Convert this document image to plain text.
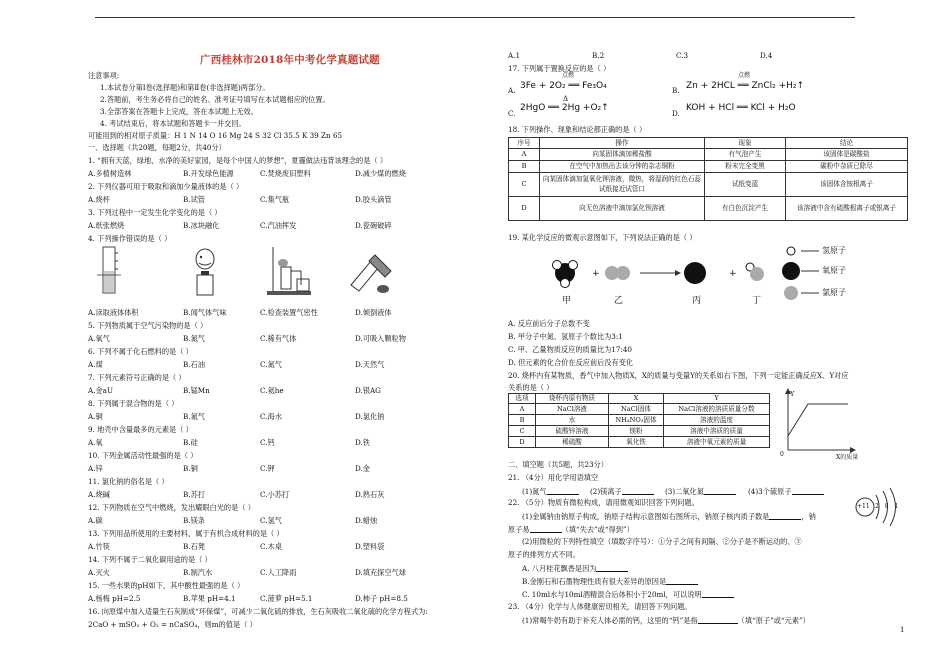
广西桂林市2018年中考化学真题试题
注意事项:
1.本试卷分第Ⅰ卷(选择题)和第Ⅱ卷(非选择题)两部分。
2.答题前，考生务必将自己的姓名、准考证号填写在本试题相应的位置。
3.全部答案在答题卡上完成，答在本试题上无效。
4. 考试结束后，将本试题和答题卡一并交回。
可能用到的相对原子质量：H 1 N 14 O 16 Mg 24 S 32 Cl 35.5 K 39 Zn 65
一、选择题（共20题，每题2分，共40分）
1. “拥有天蓝，绿地，水净的美好家园，是每个中国人的梦想”，夏霾做法违背该理念的是（ ）
A.多植树造林	B.开发绿色能源	C.焚烧废旧塑料	D.减少煤的燃烧
2. 下列仪器可用于吸取和滴加少量液体的是（ ）
A.烧杯	B.试管	C.集气瓶	D.胶头滴管
3. 下列过程中一定发生化学变化的是（ ）
A.纸张燃烧	B.冰块融化	C.汽油挥发	D.瓷碗破碎
4. 下列操作错误的是（ ）
A.读取液体体积	B.闻气体气味	C.检查装置气密性	D.倾倒液体
5. 下列物质属于空气污染物的是（ ）
A.氧气	B.氮气	C.稀有气体	D.可吸入颗粒物
6. 下列不属于化石燃料的是（ ）
A.煤	B.石油	C.氮气	D.天然气
7. 下列元素符号正确的是（ ）
A.金aU	B.锰Mn	C.氦he	D.银AG
8. 下列属于混合物的是（ ）
A.铜	B.氮气	C.海水	D.氯化钠
9. 地壳中含量最多的元素是（ ）
A.氧	B.硅	C.钙	D.铁
10. 下列金属活动性最强的是（ ）
A.锌	B.铜	C.钾	D.金
11. 氯化钠的俗名是（ ）
A.烧碱	B.苏打	C.小苏打	D.熟石灰
12. 下列物质在空气中燃烧，发出耀眼白光的是（ ）
A.碳	B.镁条	C.氢气	D.蜡烛
13. 下列用品所使用的主要材料，属于有机合成材料的是（ ）
A.竹筷	B.石凳	C.木桌	D.塑料袋
14. 下列不属于二氧化碳用途的是（ ）
A.灭火	B.制汽水	C.人工降雨	D.填充探空气球
15. 一些水果的pH如下，其中酸性最强的是（ ）
A.杨梅 pH=2.5	B.苹果 pH=4.1	C.菠萝 pH=5.1	D.柿子 pH=8.5
16. 向原煤中加入适量生石灰制成“环保煤”，可减少二氧化硫的排放，生石灰吸收二氧化硫的化学方程式为:
2CaO + mSO₂ + O₂ = nCaSO₄，则m的值是（ ）
A.1	B.2	C.3	D.4
17. 下列属于置换反应的是（ ）
A.
点燃
3Fe + 2O₂ ══ Fe₃O₄	B.
点燃
Zn + 2HCL ══ ZnCl₂ +H₂↑
C.
Δ
2HgO ══ 2Hg +O₂↑
D.
KOH + HCl ══ KCl + H₂O
18. 下列操作、现象和结论都正确的是（ ）
序号	操作	现象	结论
A	向某固体滴加稀盐酸	有气泡产生	该固体是碳酸盐
B	在空气中加热出去该分钟的杂志铜粉	粉末完全变黑	碳粉中杂质已除尽
C	向某固体滴加氢氧化钾溶液，微热，将湿润的红色石蕊试纸接近试管口	试纸变蓝	该固体含铵根离子
D	向无色溶液中滴加氯化钡溶液	有白色沉淀产生	该溶液中含有硫酸根离子或银离子
19. 某化学反应的微观示意图如下，下列说法正确的是（ ）
+	+
甲	乙	丙	丁
氢原子
氧原子
氯原子
A. 反应前后分子总数不变
B. 甲分子中氮、氢原子个数比为3:1
C. 甲、乙量物质反应的质量比为17:40
D. 但元素的化合价在反应前后没有变化
20. 烧杯内有某物质，香气中加入物质X，X的质量与变量Y的关系如右下图，下列一定能正确反应X、Y对应
关系的是（ ）
选项	烧杯内原有物质	X	Y
A	NaCl溶液	NaCl固体	NaCl溶液的溶质质量分数
B	水	NH₄NO₃固体	溶液的温度
C	硫酸锌溶液	镁粉	溶液中溶质的质量
D	稀硫酸	氧化铁	溶液中氧元素的质量
Y
0	X的质量
二、填空题（共5题，共23分）
21. （4分）用化学用语填空
(1)氮气	(2)镁离子	(3)二氧化氮	(4)3个硫原子
22. （5分）物质有微粒构成，请用微观知识回答下列问题。
(1)金属钠由钠原子构成，钠原子结构示意图如右图所示，钠原子核内质子数是	，钠
原子易	（填“失去”或“得到”）
(2)用微粒的下列特性填空（填数字序号）：①分子之间有间隔、②分子是不断运动的、③
原子的排列方式不同。
A. 八月桂花飘香是因为
B.金刚石和石墨物理性质有很大差异的原因是
C. 10ml水与10ml酒精混合后体积小于20ml，可以说明
23. （4分）化学与人体健康密切相关，请回答下列问题。
(1)常喝牛奶有助于补充人体必需的钙，这里的“钙”是指	（填“原子”或“元素”）
+11 2 8 1
1
